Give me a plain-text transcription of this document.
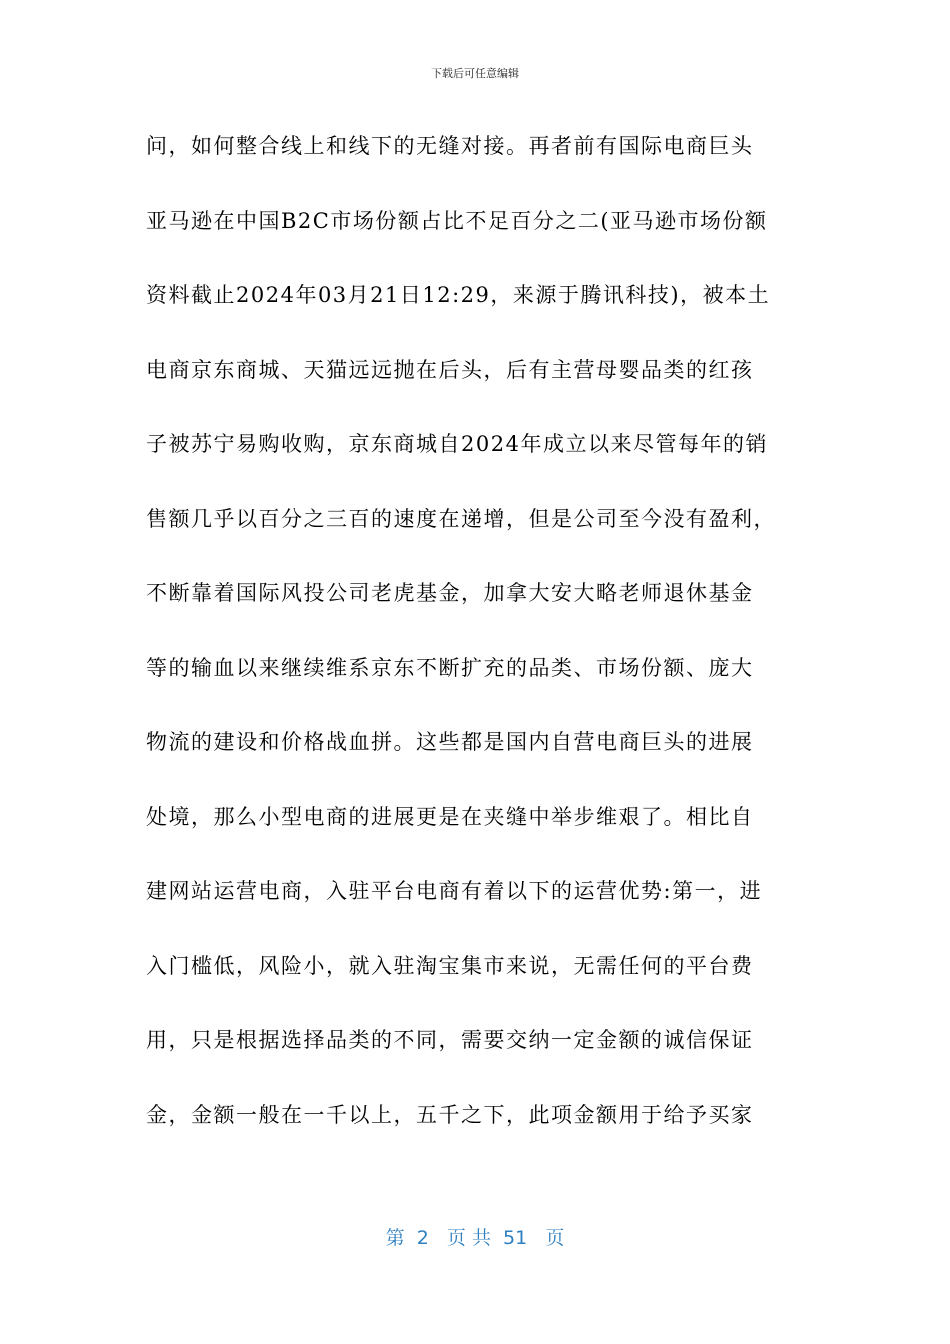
下载后可任意编辑
问，如何整合线上和线下的无缝对接。再者前有国际电商巨头
亚马逊在中国B2C市场份额占比不足百分之二(亚马逊市场份额
资料截止2024年03月21日12:29，来源于腾讯科技)，被本土
电商京东商城、天猫远远抛在后头，后有主营母婴品类的红孩
子被苏宁易购收购，京东商城自2024年成立以来尽管每年的销
售额几乎以百分之三百的速度在递增，但是公司至今没有盈利，
不断靠着国际风投公司老虎基金，加拿大安大略老师退休基金
等的输血以来继续维系京东不断扩充的品类、市场份额、庞大
物流的建设和价格战血拼。这些都是国内自营电商巨头的进展
处境，那么小型电商的进展更是在夹缝中举步维艰了。相比自
建网站运营电商，入驻平台电商有着以下的运营优势:第一，进
入门槛低，风险小，就入驻淘宝集市来说，无需任何的平台费
用，只是根据选择品类的不同，需要交纳一定金额的诚信保证
金，金额一般在一千以上，五千之下，此项金额用于给予买家
第  2   页 共  51   页
